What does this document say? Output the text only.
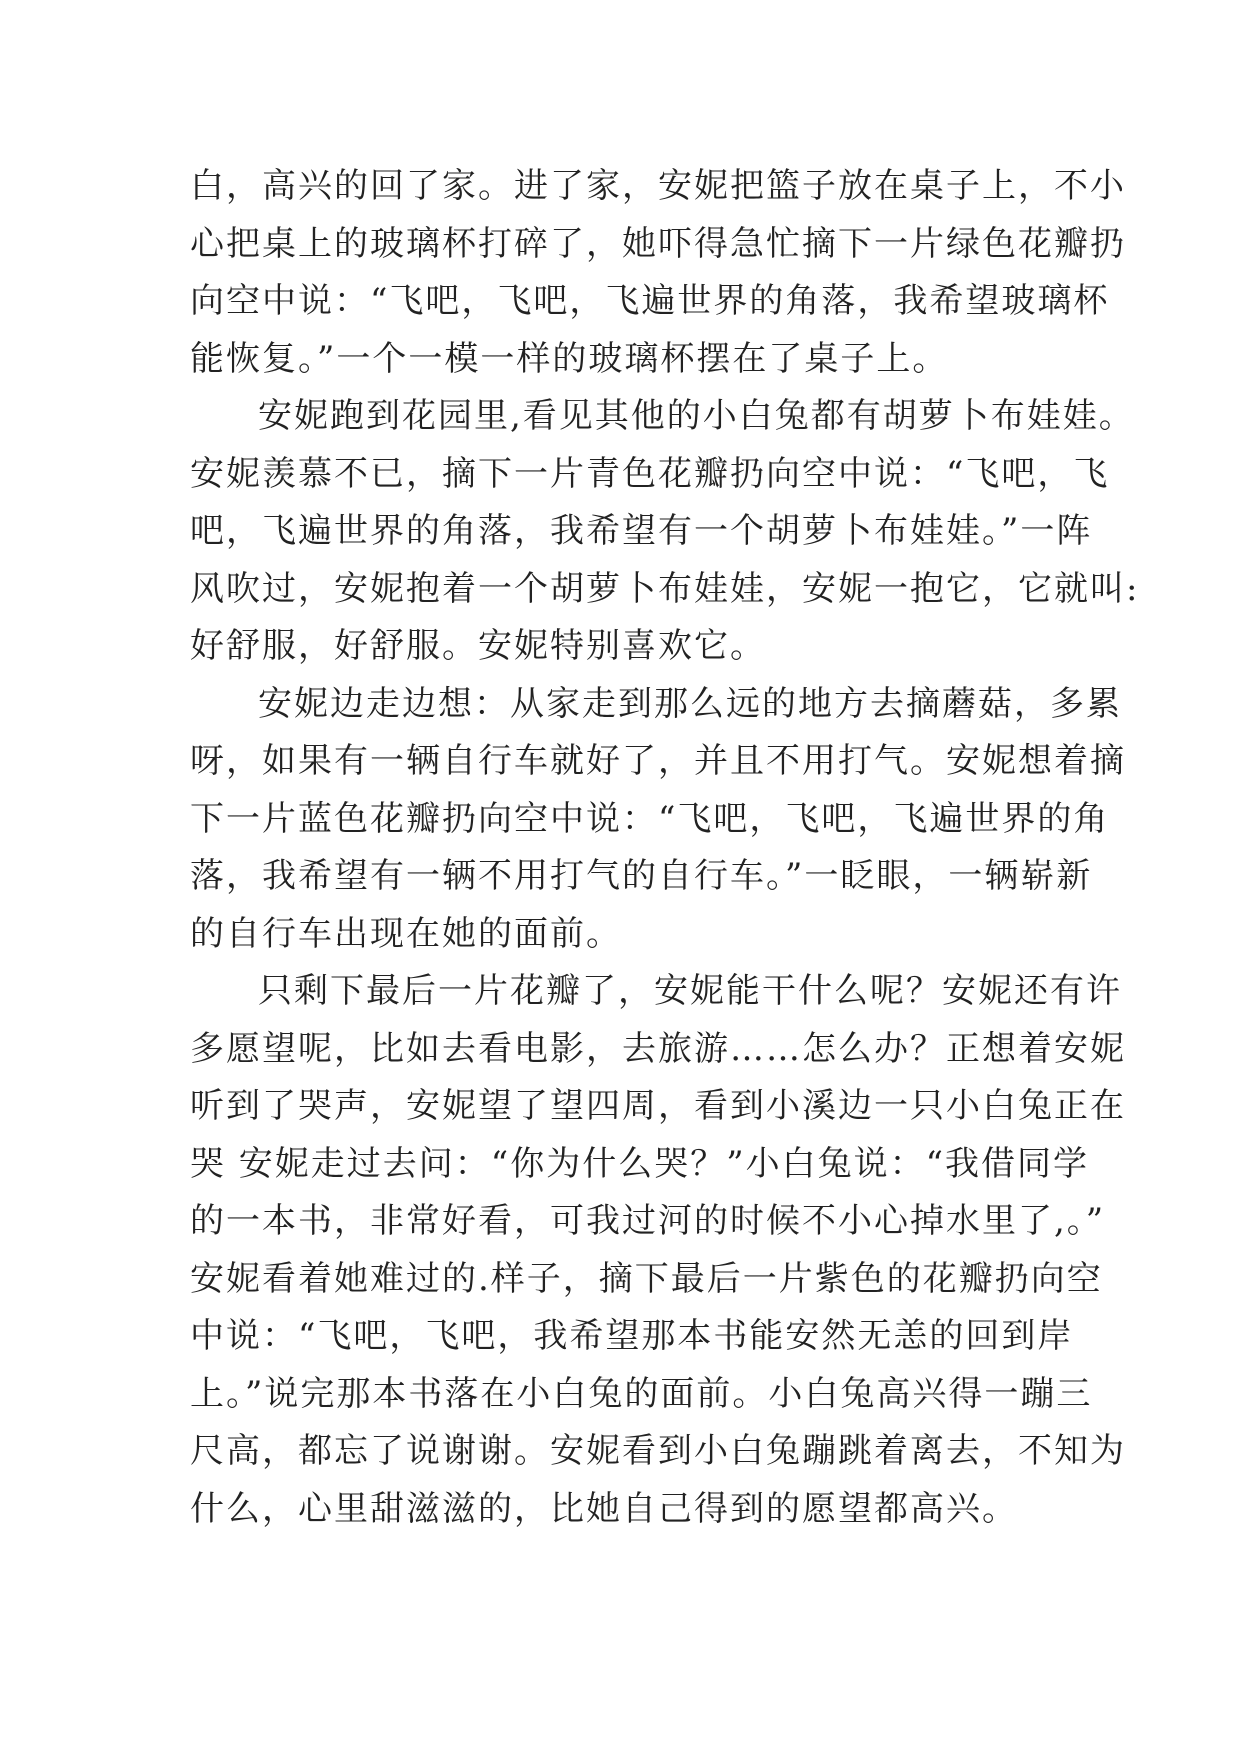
白，高兴的回了家。进了家，安妮把篮子放在桌子上，不小
心把桌上的玻璃杯打碎了，她吓得急忙摘下一片绿色花瓣扔
向空中说：“飞吧，飞吧，飞遍世界的角落，我希望玻璃杯
能恢复。”一个一模一样的玻璃杯摆在了桌子上。
安妮跑到花园里,看见其他的小白兔都有胡萝卜布娃娃。
安妮羡慕不已，摘下一片青色花瓣扔向空中说：“飞吧，飞
吧，飞遍世界的角落，我希望有一个胡萝卜布娃娃。”一阵
风吹过，安妮抱着一个胡萝卜布娃娃，安妮一抱它，它就叫:
好舒服，好舒服。安妮特别喜欢它。
安妮边走边想：从家走到那么远的地方去摘蘑菇，多累
呀，如果有一辆自行车就好了，并且不用打气。安妮想着摘
下一片蓝色花瓣扔向空中说：“飞吧，飞吧，飞遍世界的角
落，我希望有一辆不用打气的自行车。”一眨眼，一辆崭新
的自行车出现在她的面前。
只剩下最后一片花瓣了，安妮能干什么呢？安妮还有许
多愿望呢，比如去看电影，去旅游……怎么办？正想着安妮
听到了哭声，安妮望了望四周，看到小溪边一只小白兔正在
哭 安妮走过去问：“你为什么哭？”小白兔说：“我借同学
的一本书，非常好看，可我过河的时候不小心掉水里了,。”
安妮看着她难过的.样子，摘下最后一片紫色的花瓣扔向空
中说：“飞吧，飞吧，我希望那本书能安然无恙的回到岸
上。”说完那本书落在小白兔的面前。小白兔高兴得一蹦三
尺高，都忘了说谢谢。安妮看到小白兔蹦跳着离去，不知为
什么，心里甜滋滋的，比她自己得到的愿望都高兴。
